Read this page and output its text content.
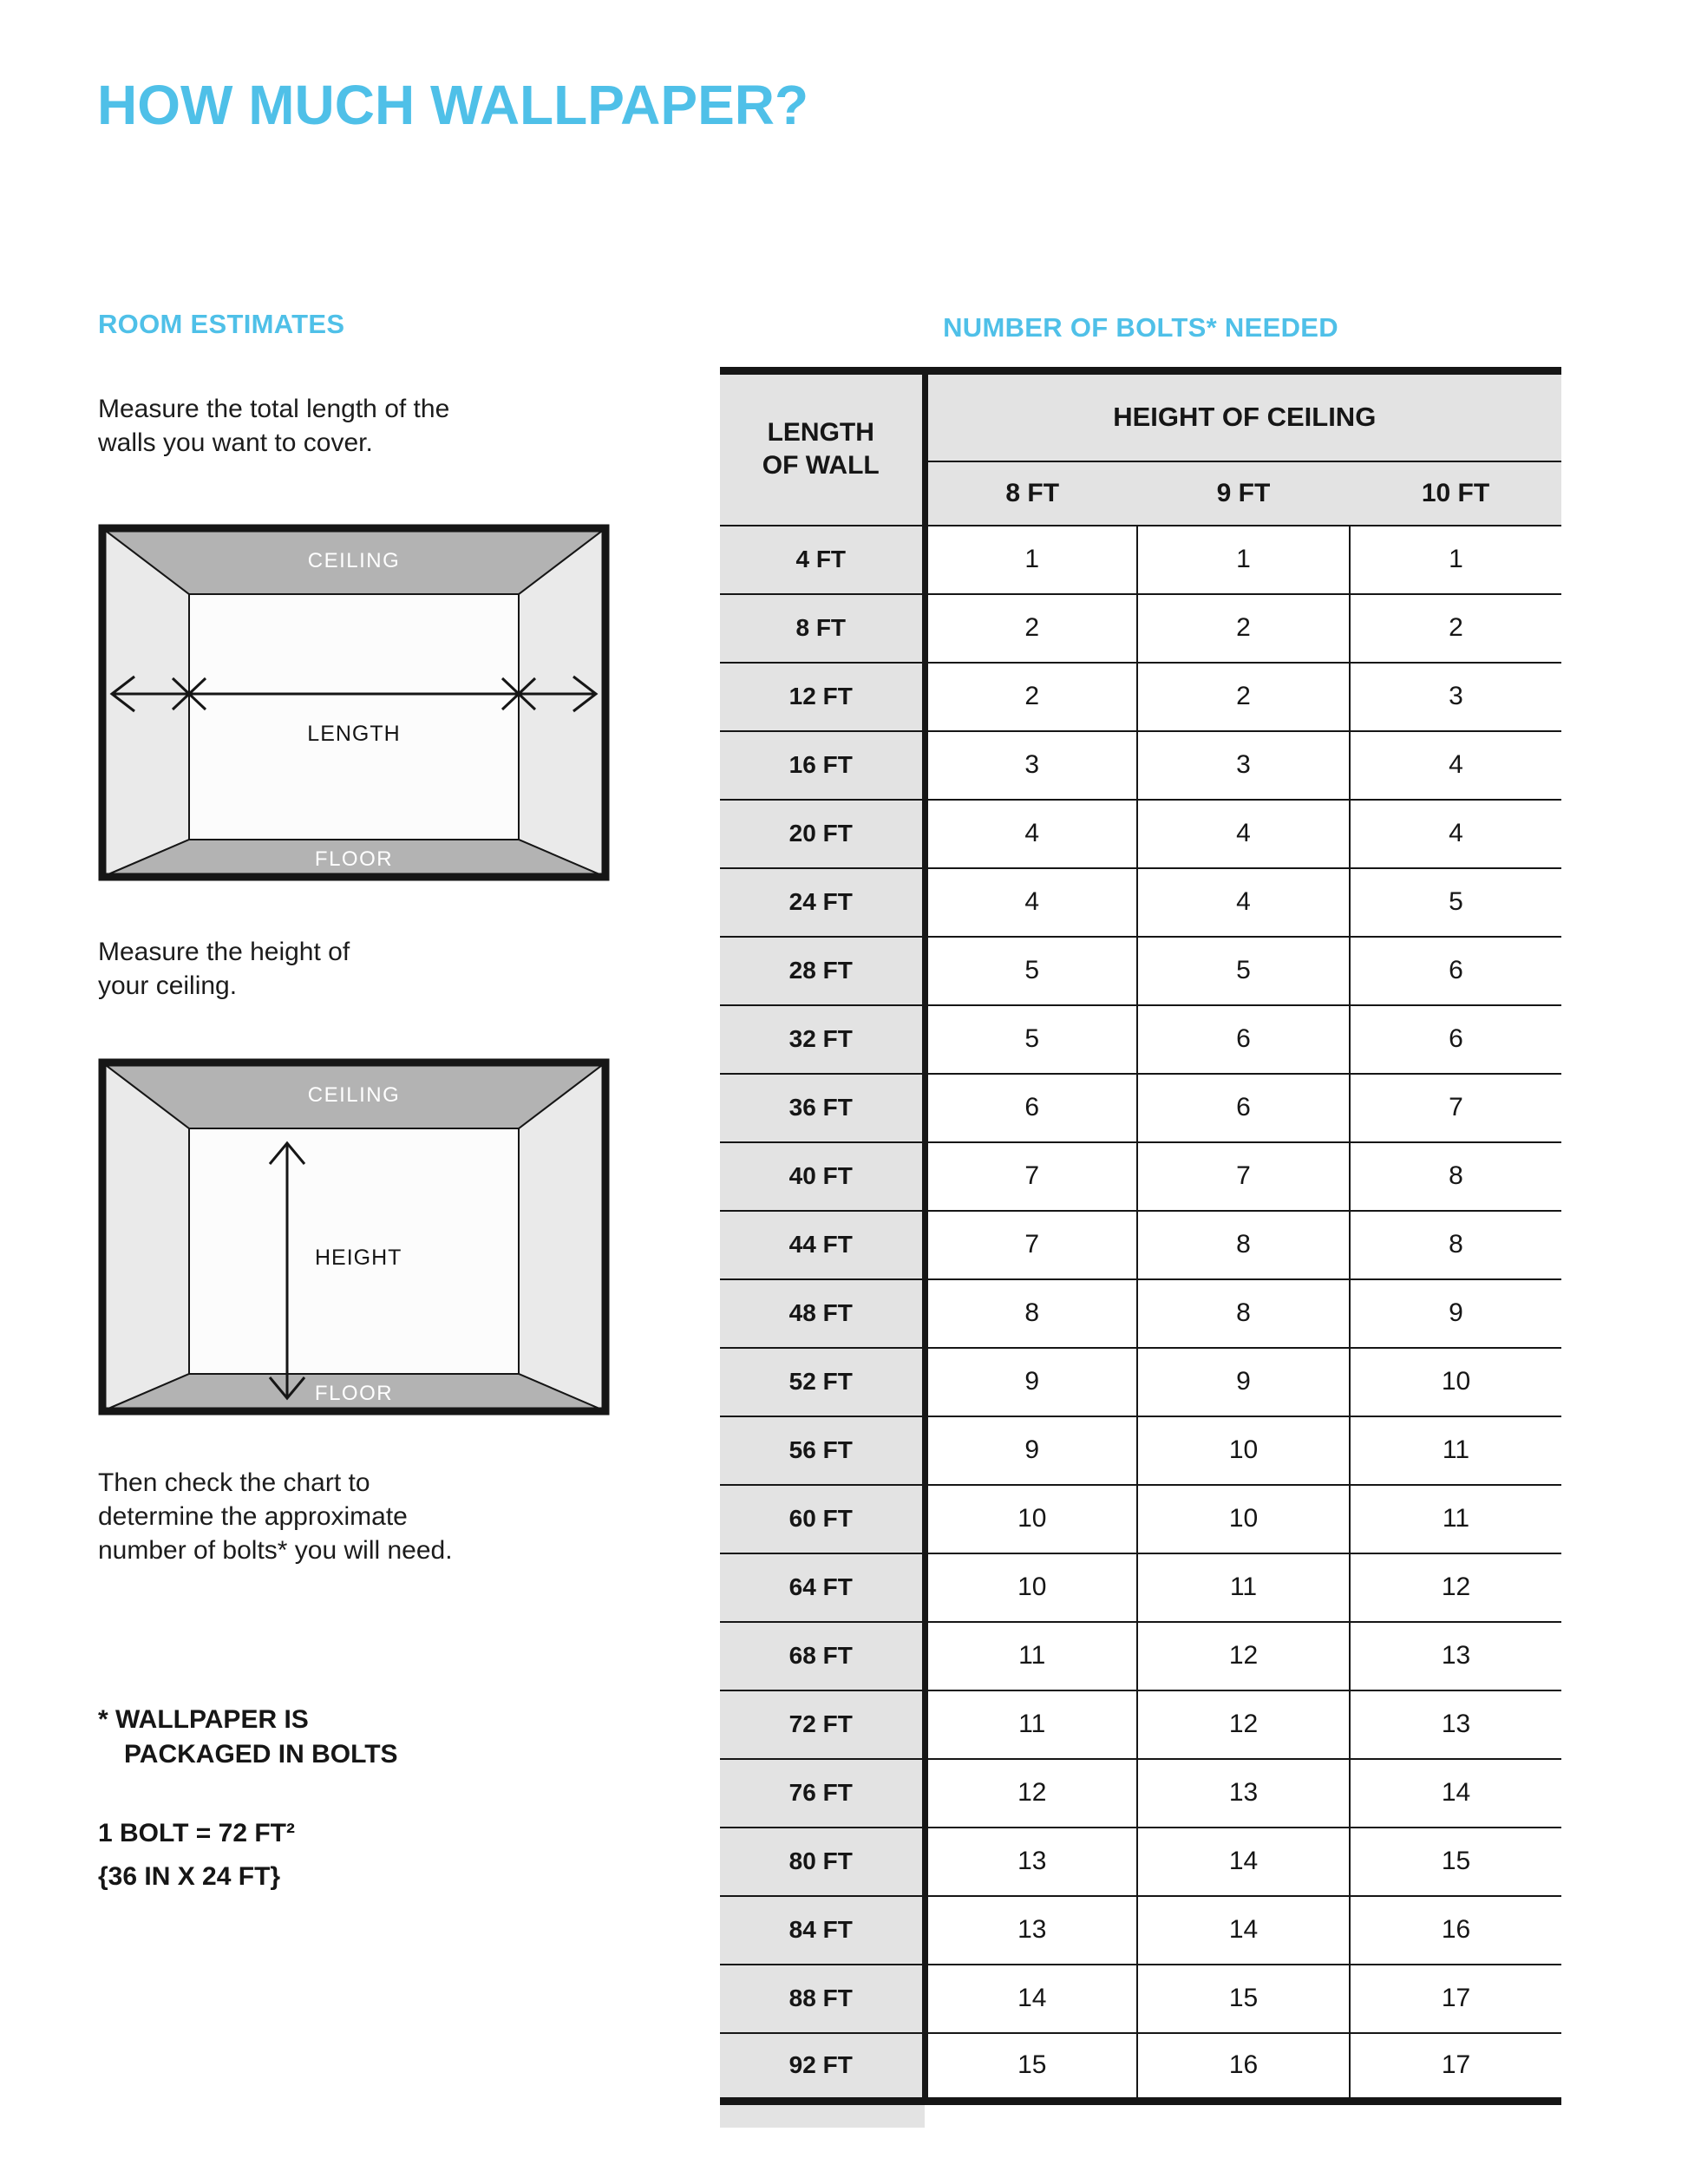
HOW MUCH WALLPAPER?
ROOM ESTIMATES

Measure the total length of the walls you want to cover.

CEILING
LENGTH
FLOOR

Measure the height of your ceiling.

CEILING
HEIGHT
FLOOR

Then check the chart to determine the approximate number of bolts* you will need.

* WALLPAPER IS
PACKAGED IN BOLTS
1 BOLT = 72 FT²
{36 IN X 24 FT}
NUMBER OF BOLTS* NEEDED
LENGTH
OF WALL	HEIGHT OF CEILING		
	8 FT	9 FT	10 FT
4 FT	1	1	1
8 FT	2	2	2
12 FT	2	2	3
16 FT	3	3	4
20 FT	4	4	4
24 FT	4	4	5
28 FT	5	5	6
32 FT	5	6	6
36 FT	6	6	7
40 FT	7	7	8
44 FT	7	8	8
48 FT	8	8	9
52 FT	9	9	10
56 FT	9	10	11
60 FT	10	10	11
64 FT	10	11	12
68 FT	11	12	13
72 FT	11	12	13
76 FT	12	13	14
80 FT	13	14	15
84 FT	13	14	16
88 FT	14	15	17
92 FT	15	16	17
